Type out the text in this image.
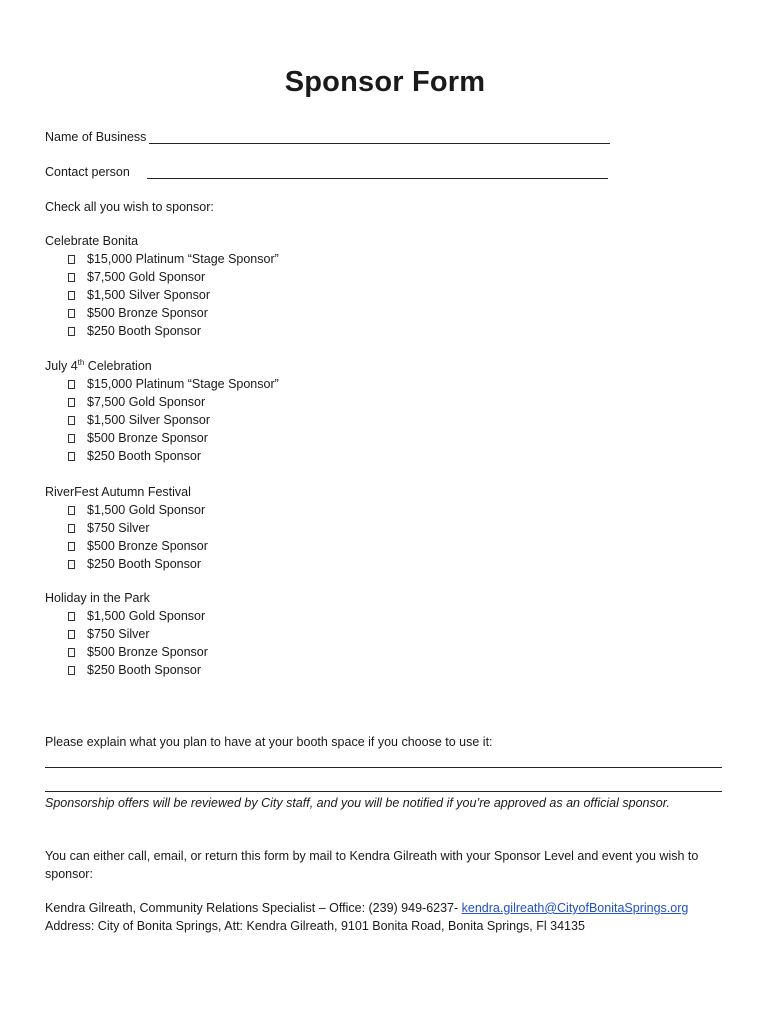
Sponsor Form
Name of Business
Contact person
Check all you wish to sponsor:
Celebrate Bonita
$15,000 Platinum “Stage Sponsor”
$7,500 Gold Sponsor
$1,500 Silver Sponsor
$500 Bronze Sponsor
$250 Booth Sponsor
July 4th Celebration
$15,000 Platinum “Stage Sponsor”
$7,500 Gold Sponsor
$1,500 Silver Sponsor
$500 Bronze Sponsor
$250 Booth Sponsor
RiverFest Autumn Festival
$1,500 Gold Sponsor
$750 Silver
$500 Bronze Sponsor
$250 Booth Sponsor
Holiday in the Park
$1,500 Gold Sponsor
$750 Silver
$500 Bronze Sponsor
$250 Booth Sponsor
Please explain what you plan to have at your booth space if you choose to use it:
Sponsorship offers will be reviewed by City staff, and you will be notified if you’re approved as an official sponsor.
You can either call, email, or return this form by mail to Kendra Gilreath with your Sponsor Level and event you wish to
sponsor:
Kendra Gilreath, Community Relations Specialist – Office: (239) 949-6237- kendra.gilreath@CityofBonitaSprings.org
Address: City of Bonita Springs, Att: Kendra Gilreath, 9101 Bonita Road, Bonita Springs, Fl 34135
